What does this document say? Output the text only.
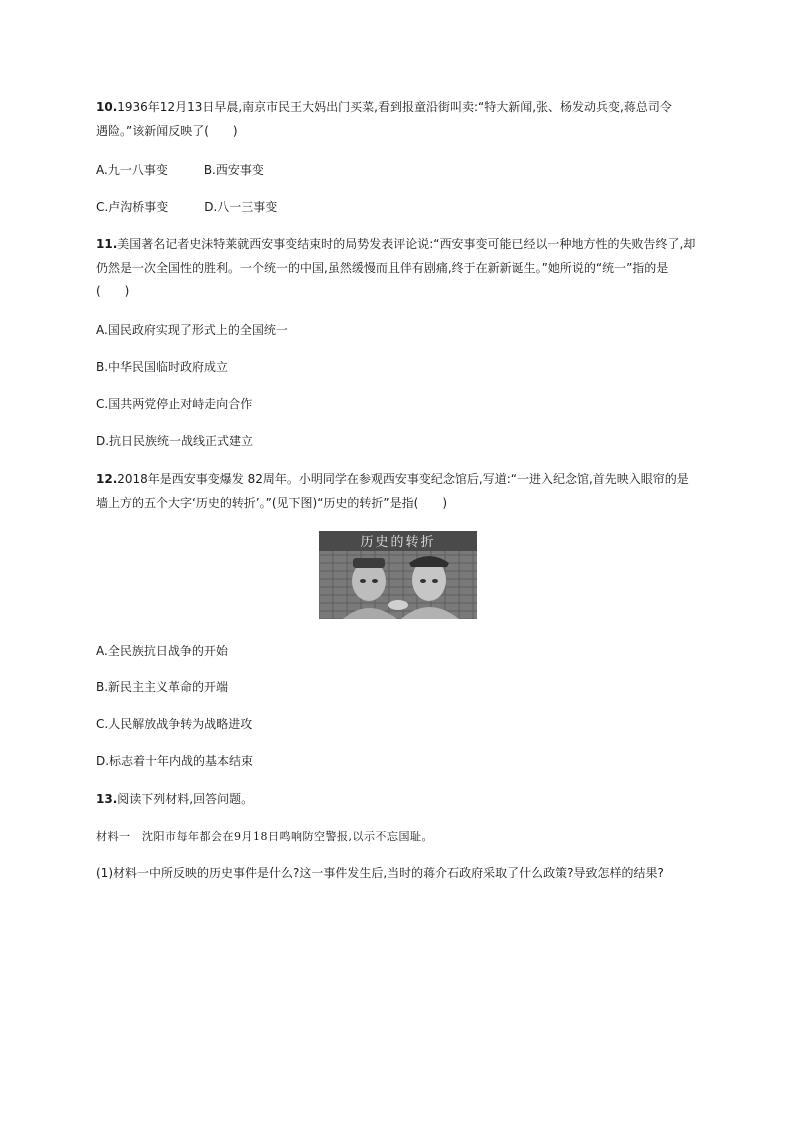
10.1936年12月13日早晨,南京市民王大妈出门买菜,看到报童沿街叫卖:“特大新闻,张、杨发动兵变,蒋总司令
遇险。”该新闻反映了(　　)
A.九一八事变	B.西安事变
C.卢沟桥事变	D.八一三事变
11.美国著名记者史沫特莱就西安事变结束时的局势发表评论说:“西安事变可能已经以一种地方性的失败告终了,却
仍然是一次全国性的胜利。一个统一的中国,虽然缓慢而且伴有剧痛,终于在新新诞生。”她所说的“统一”指的是
(　　)
A.国民政府实现了形式上的全国统一
B.中华民国临时政府成立
C.国共两党停止对峙走向合作
D.抗日民族统一战线正式建立
12.2018年是西安事变爆发 82周年。小明同学在参观西安事变纪念馆后,写道:“一进入纪念馆,首先映入眼帘的是
墙上方的五个大字‘历史的转折’。”(见下图)“历史的转折”是指(　　)
历史的转折
A.全民族抗日战争的开始
B.新民主主义革命的开端
C.人民解放战争转为战略进攻
D.标志着十年内战的基本结束
13.阅读下列材料,回答问题。
材料一　沈阳市每年都会在9月18日鸣响防空警报,以示不忘国耻。
(1)材料一中所反映的历史事件是什么?这一事件发生后,当时的蒋介石政府采取了什么政策?导致怎样的结果?
